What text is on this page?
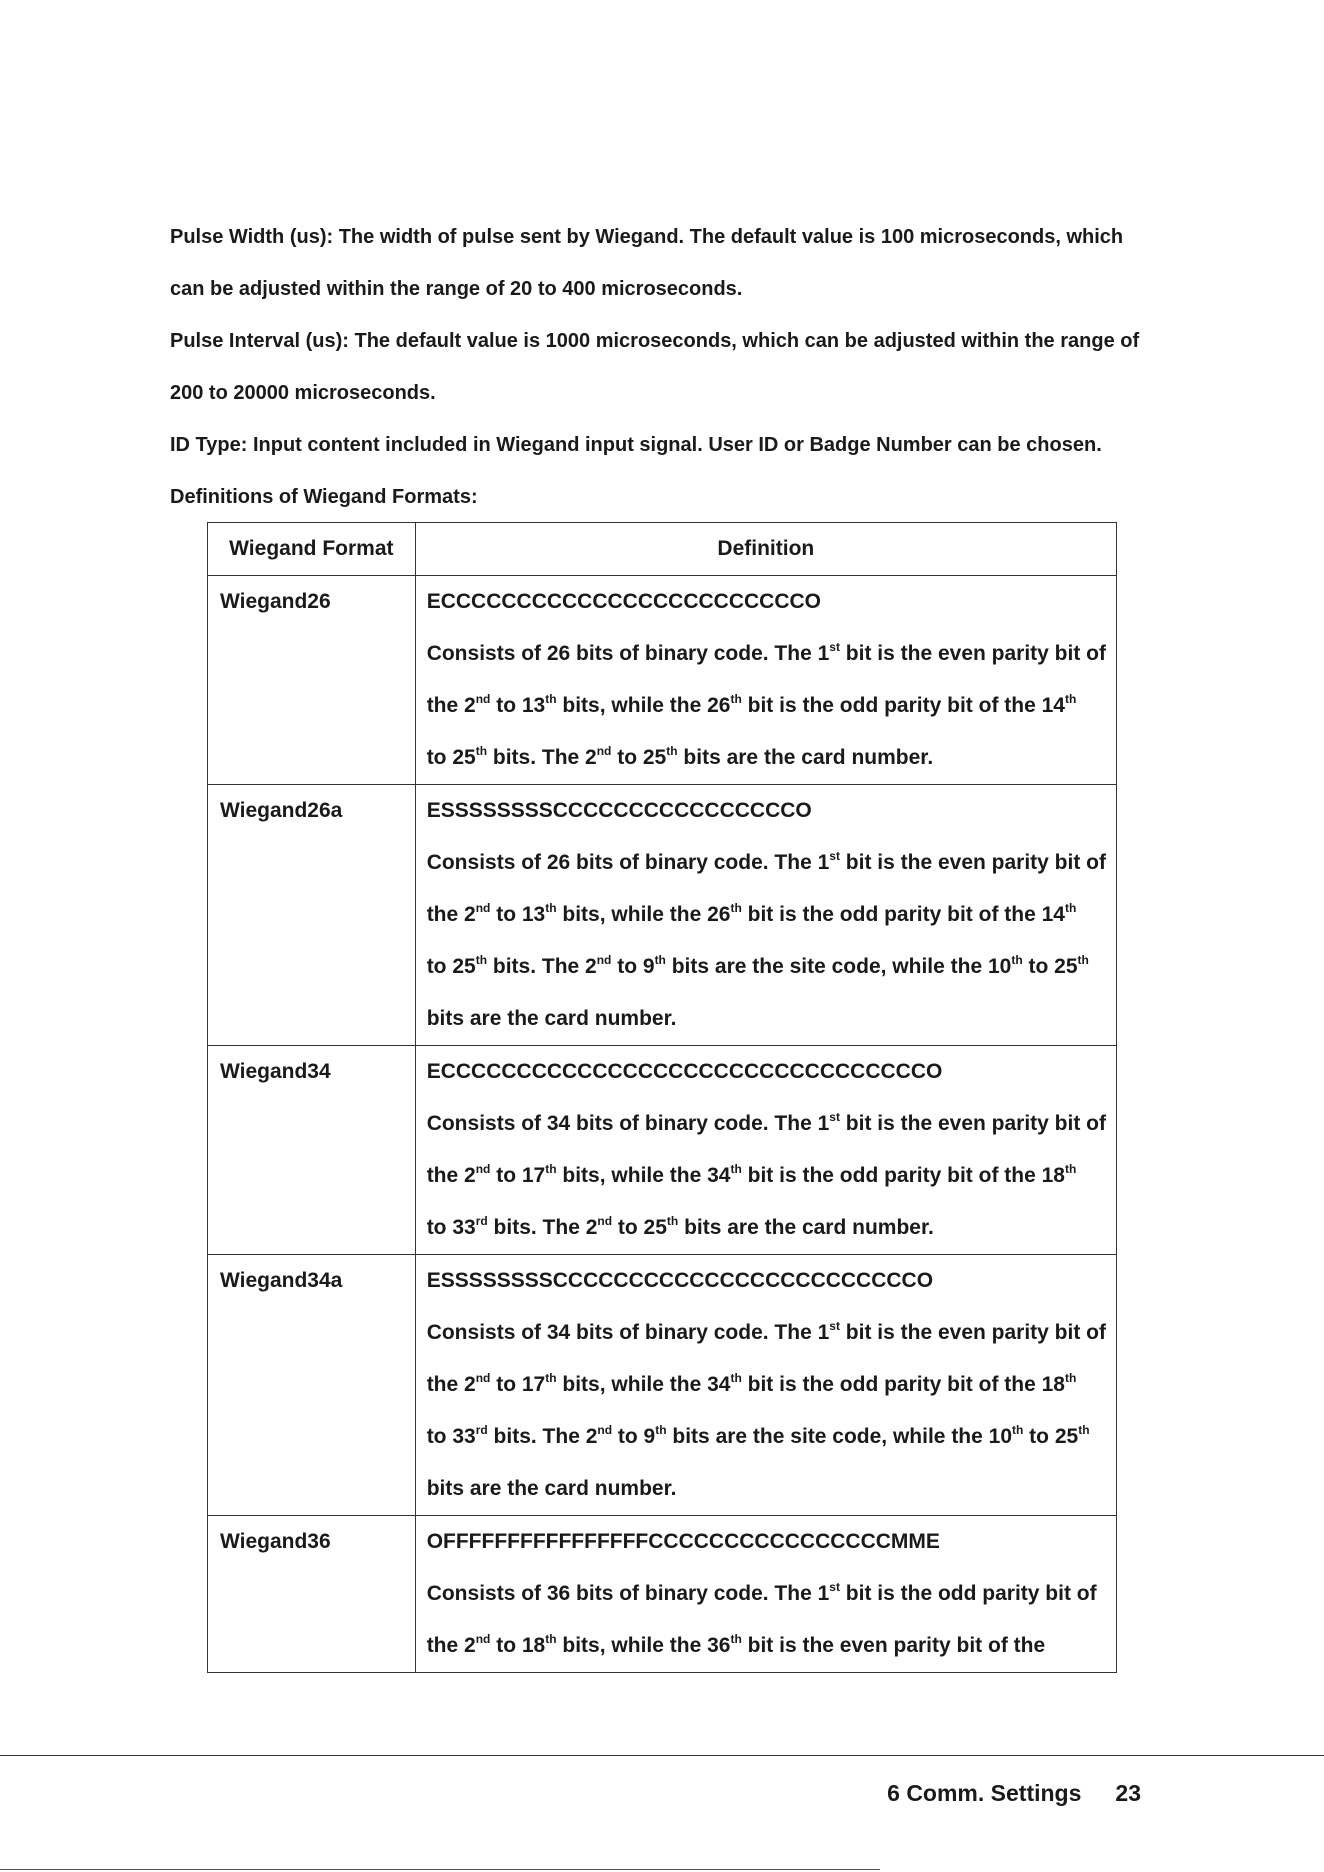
Pulse Width (us): The width of pulse sent by Wiegand. The default value is 100 microseconds, which
can be adjusted within the range of 20 to 400 microseconds.

Pulse Interval (us): The default value is 1000 microseconds, which can be adjusted within the range of
200 to 20000 microseconds.

ID Type: Input content included in Wiegand input signal. User ID or Badge Number can be chosen.

Definitions of Wiegand Formats:

Wiegand Format	Definition
Wiegand26	ECCCCCCCCCCCCCCCCCCCCCCCCO
Consists of 26 bits of binary code. The 1st bit is the even parity bit of
the 2nd to 13th bits, while the 26th bit is the odd parity bit of the 14th
to 25th bits. The 2nd to 25th bits are the card number.

Wiegand26a	ESSSSSSSSCCCCCCCCCCCCCCCCO
Consists of 26 bits of binary code. The 1st bit is the even parity bit of
the 2nd to 13th bits, while the 26th bit is the odd parity bit of the 14th
to 25th bits. The 2nd to 9th bits are the site code, while the 10th to 25th
bits are the card number.

Wiegand34	ECCCCCCCCCCCCCCCCCCCCCCCCCCCCCCCCO
Consists of 34 bits of binary code. The 1st bit is the even parity bit of
the 2nd to 17th bits, while the 34th bit is the odd parity bit of the 18th
to 33rd bits. The 2nd to 25th bits are the card number.

Wiegand34a	ESSSSSSSSCCCCCCCCCCCCCCCCCCCCCCCCO
Consists of 34 bits of binary code. The 1st bit is the even parity bit of
the 2nd to 17th bits, while the 34th bit is the odd parity bit of the 18th
to 33rd bits. The 2nd to 9th bits are the site code, while the 10th to 25th
bits are the card number.

Wiegand36	OFFFFFFFFFFFFFFFFCCCCCCCCCCCCCCCCMME
Consists of 36 bits of binary code. The 1st bit is the odd parity bit of
the 2nd to 18th bits, while the 36th bit is the even parity bit of the
6 Comm. Settings 23
